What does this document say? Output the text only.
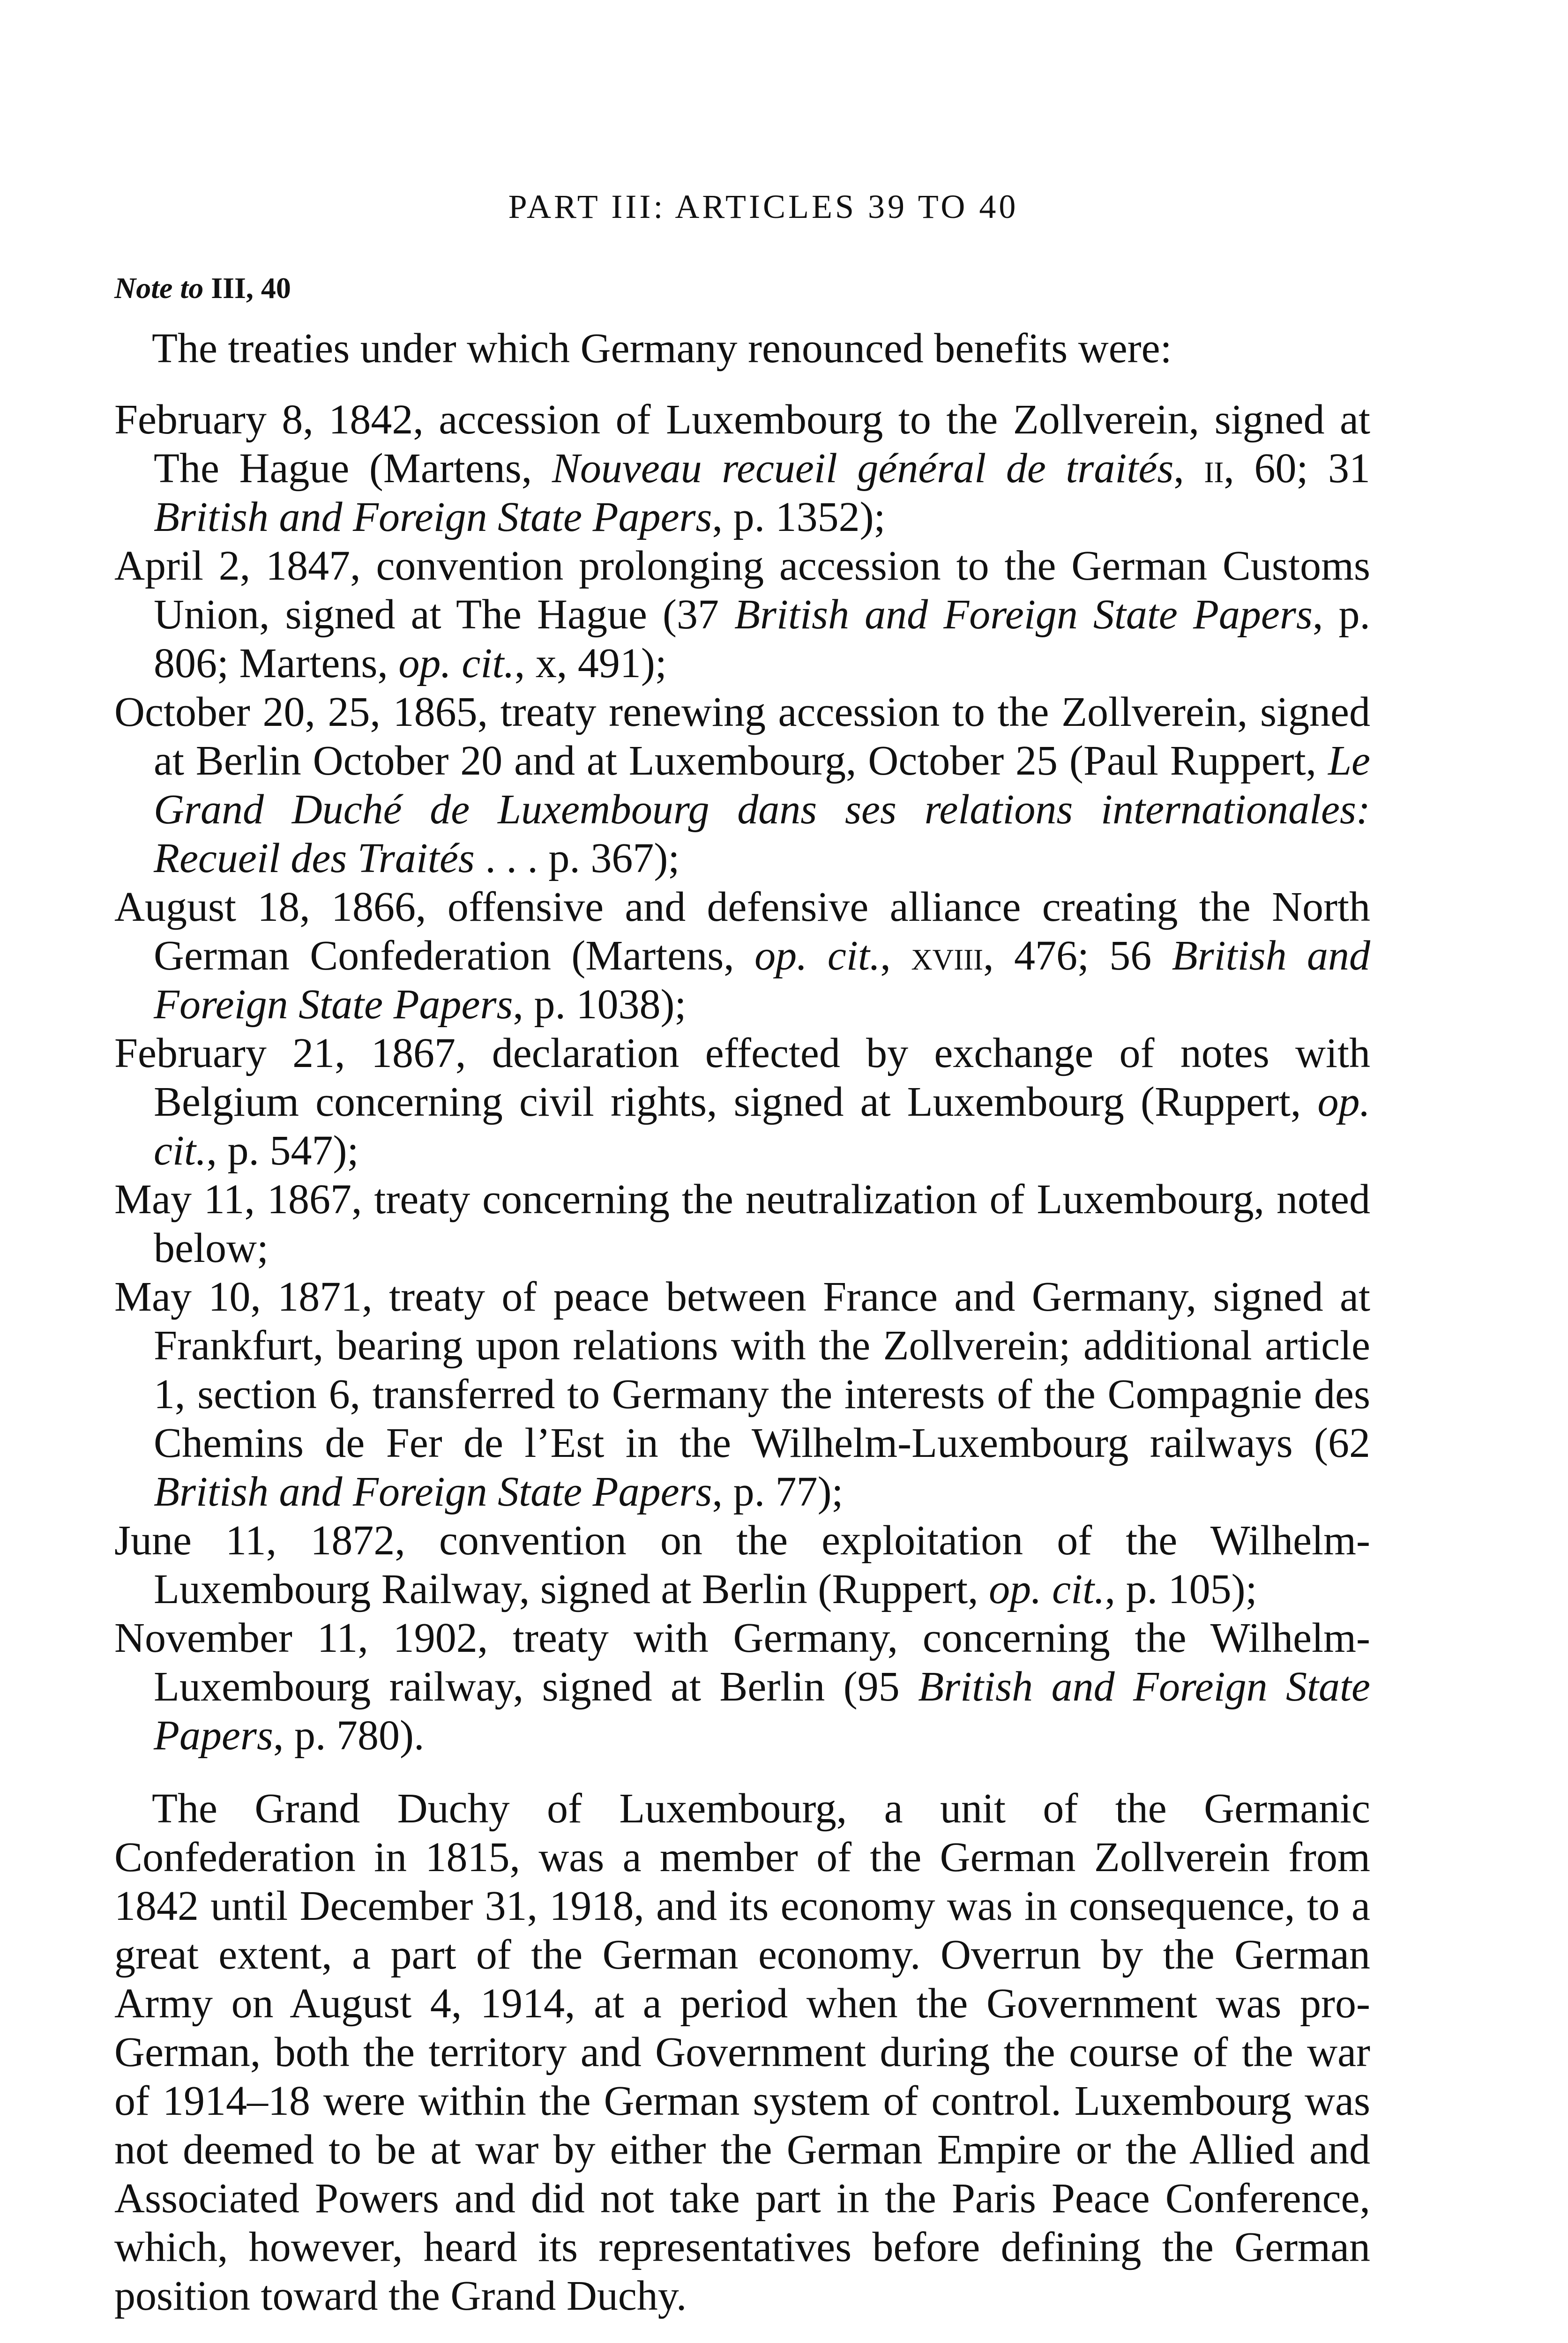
PART III: ARTICLES 39 TO 40
Note to III, 40

The treaties under which Germany renounced benefits were:

February 8, 1842, accession of Luxembourg to the Zollverein, signed at The Hague (Martens, Nouveau recueil général de traités, ii, 60; 31 British and Foreign State Papers, p. 1352);
April 2, 1847, convention prolonging accession to the German Customs Union, signed at The Hague (37 British and Foreign State Papers, p. 806; Martens, op. cit., x, 491);
October 20, 25, 1865, treaty renewing accession to the Zollverein, signed at Berlin October 20 and at Luxembourg, October 25 (Paul Ruppert, Le Grand Duché de Luxembourg dans ses relations internationales: Recueil des Traités . . . p. 367);
August 18, 1866, offensive and defensive alliance creating the North German Confederation (Martens, op. cit., xviii, 476; 56 British and Foreign State Papers, p. 1038);
February 21, 1867, declaration effected by exchange of notes with Belgium concerning civil rights, signed at Luxembourg (Ruppert, op. cit., p. 547);
May 11, 1867, treaty concerning the neutralization of Luxembourg, noted below;
May 10, 1871, treaty of peace between France and Germany, signed at Frankfurt, bearing upon relations with the Zollverein; additional article 1, section 6, transferred to Germany the interests of the Compagnie des Chemins de Fer de l’Est in the Wilhelm-Luxembourg railways (62 British and Foreign State Papers, p. 77);
June 11, 1872, convention on the exploitation of the Wilhelm-Luxembourg Railway, signed at Berlin (Ruppert, op. cit., p. 105);
November 11, 1902, treaty with Germany, concerning the Wilhelm-Luxembourg railway, signed at Berlin (95 British and Foreign State Papers, p. 780).

The Grand Duchy of Luxembourg, a unit of the Germanic Confederation in 1815, was a member of the German Zollverein from 1842 until December 31, 1918, and its economy was in consequence, to a great extent, a part of the German economy. Overrun by the German Army on August 4, 1914, at a period when the Government was pro-German, both the territory and Government during the course of the war of 1914–18 were within the German system of control. Luxembourg was not deemed to be at war by either the German Empire or the Allied and Associated Powers and did not take part in the Paris Peace Conference, which, however, heard its representatives before defining the German position toward the Grand Duchy.
